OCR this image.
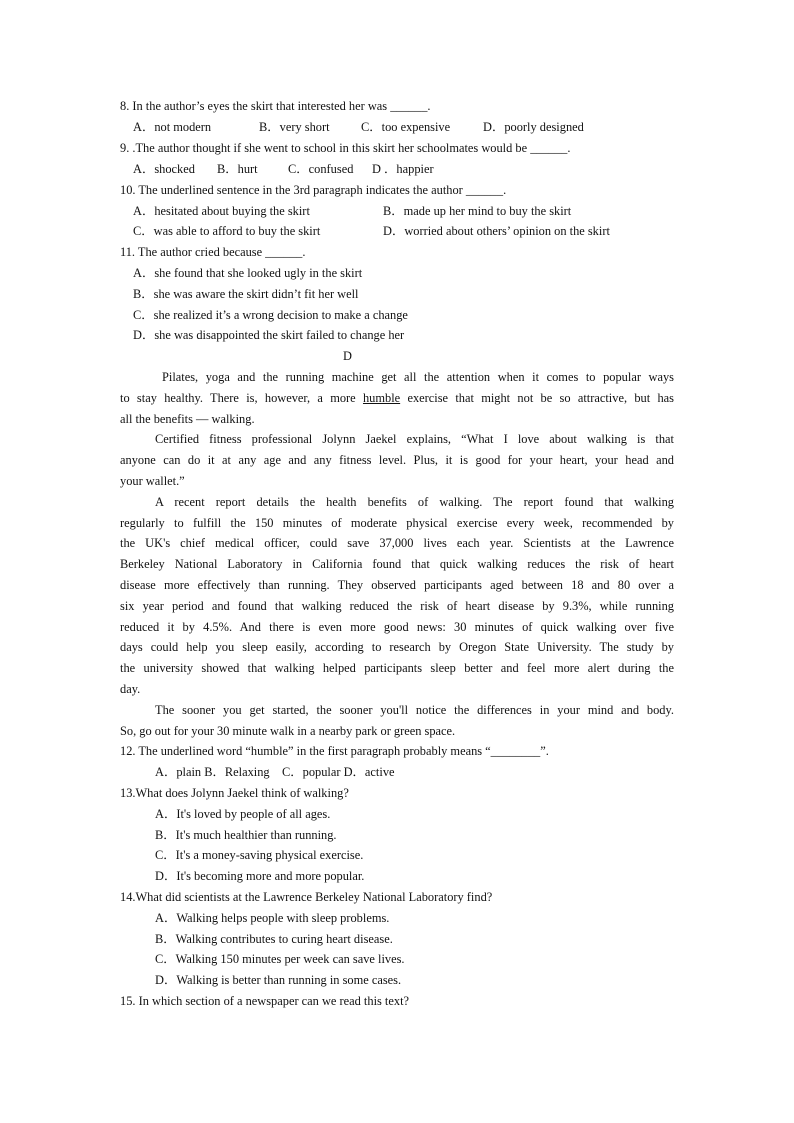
8. In the author’s eyes the skirt that interested her was ______.
A．not modern	B．very short	C．too expensive	D．poorly designed
9. .The author thought if she went to school in this skirt her schoolmates would be ______.
A．shocked B．hurt C．confused D ．happier
10. The underlined sentence in the 3rd paragraph indicates the author ______.
A．hesitated about buying the skirt	B．made up her mind to buy the skirt
C．was able to afford to buy the skirt	D．worried about others’ opinion on the skirt
11. The author cried because ______.
A．she found that she looked ugly in the skirt
B．she was aware the skirt didn’t fit her well
C．she realized it’s a wrong decision to make a change
D．she was disappointed the skirt failed to change her
D
Pilates, yoga and the running machine get all the attention when it comes to popular ways
to stay healthy. There is, however, a more humble exercise that might not be so attractive, but has
all the benefits — walking.
Certified fitness professional Jolynn Jaekel explains, “What I love about walking is that
anyone can do it at any age and any fitness level. Plus, it is good for your heart, your head and
your wallet.”
A recent report details the health benefits of walking. The report found that walking
regularly to fulfill the 150 minutes of moderate physical exercise every week, recommended by
the UK's chief medical officer, could save 37,000 lives each year. Scientists at the Lawrence
Berkeley National Laboratory in California found that quick walking reduces the risk of heart
disease more effectively than running. They observed participants aged between 18 and 80 over a
six year period and found that walking reduced the risk of heart disease by 9.3%, while running
reduced it by 4.5%. And there is even more good news: 30 minutes of quick walking over five
days could help you sleep easily, according to research by Oregon State University. The study by
the university showed that walking helped participants sleep better and feel more alert during the
day.
The sooner you get started, the sooner you'll notice the differences in your mind and body.
So, go out for your 30 minute walk in a nearby park or green space.
12. The underlined word “humble” in the first paragraph probably means “________”.
A．plain B．Relaxing    C．popular D．active
13.What does Jolynn Jaekel think of walking?
A．It's loved by people of all ages.
B．It's much healthier than running.
C．It's a money-saving physical exercise.
D．It's becoming more and more popular.
14.What did scientists at the Lawrence Berkeley National Laboratory find?
A．Walking helps people with sleep problems.
B．Walking contributes to curing heart disease.
C．Walking 150 minutes per week can save lives.
D．Walking is better than running in some cases.
15. In which section of a newspaper can we read this text?
